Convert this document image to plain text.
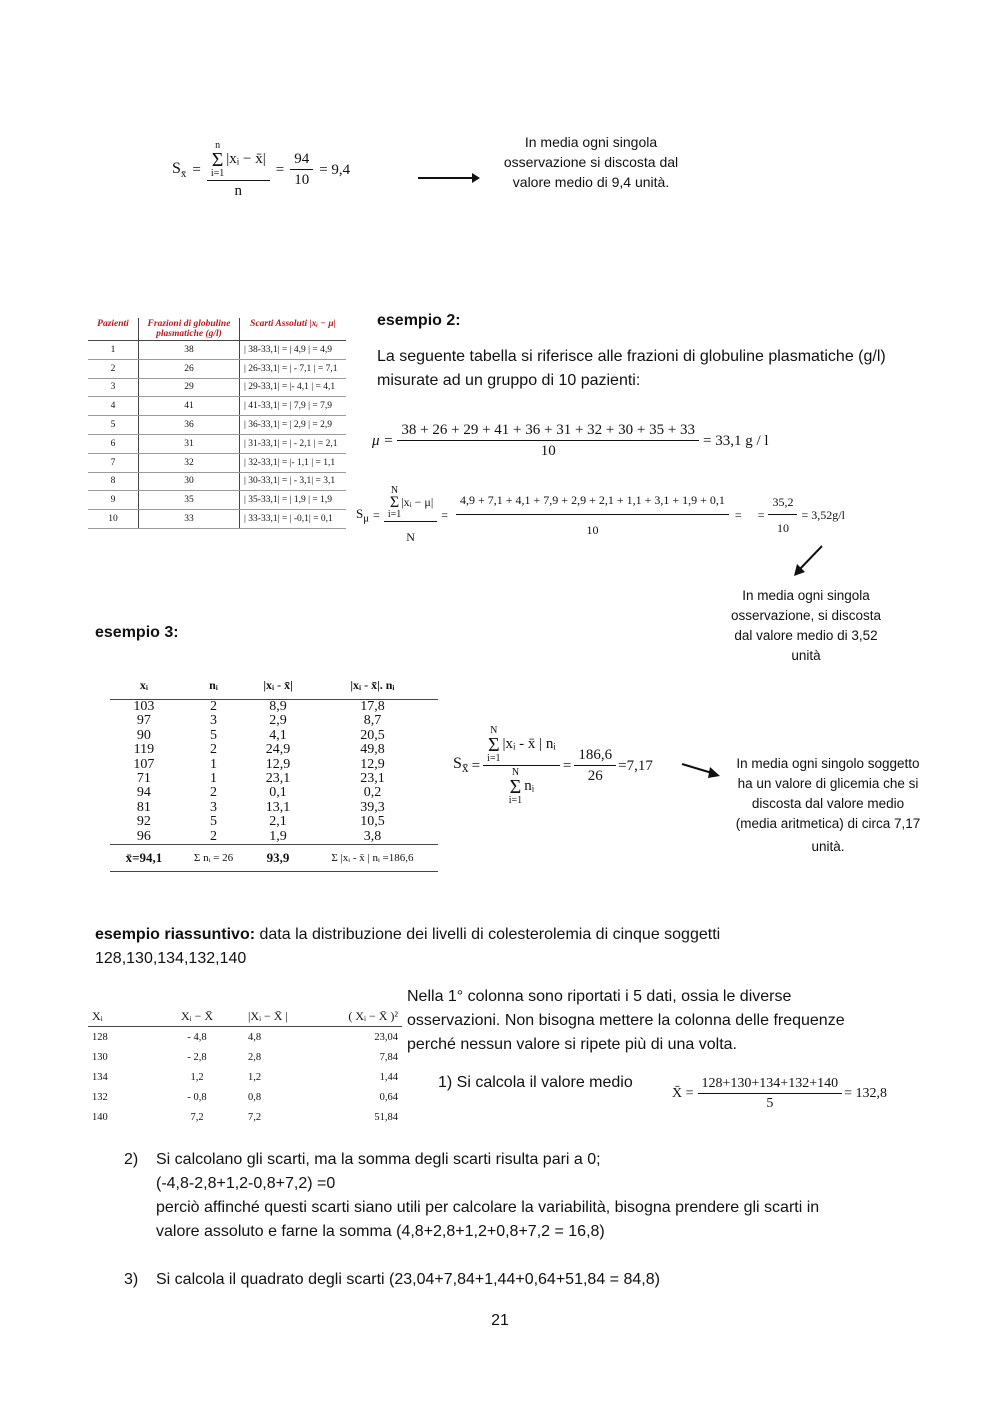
$S_{x̄} = n$
Σ
i=1
|xᵢ − x̄|
$n = \frac{94}{10} = 9,4$
In media ogni singola
osservazione si discosta dal
valore medio di 9,4 unità.
Pazienti	Frazioni di globuline plasmatiche (g/l)	Scarti Assoluti |xᵢ − μ|
1	38	| 38-33,1| = | 4,9 | = 4,9
2	26	| 26-33,1| = | - 7,1 | = 7,1
3	29	| 29-33,1| = |- 4,1 | = 4,1
4	41	| 41-33,1| = | 7,9 | = 7,9
5	36	| 36-33,1| = | 2,9 | = 2,9
6	31	| 31-33,1| = | - 2,1 | = 2,1
7	32	| 32-33,1| = |- 1,1 | = 1,1
8	30	| 30-33,1| = | - 3,1| = 3,1
9	35	| 35-33,1| = | 1,9 | = 1,9
10	33	| 33-33,1| = | -0,1| = 0,1
esempio 2:
La seguente tabella si riferisce alle frazioni di globuline plasmatiche (g/l) misurate ad un gruppo di 10 pazienti:
$\mu = \frac{38 + 26 + 29 + 41 + 36 + 31 + 32 + 30 + 35 + 33}{10} = 33,1$ g / l
$S_\mu = N$
Σ
i=1
|xᵢ − μ|
$N = \frac{4,9 + 7,1 + 4,1 + 7,9 + 2,9 + 2,1 + 1,1 + 3,1 + 1,9 + 0,1}{10}$ = = $\frac{35,2}{10} = 3,52g/l$
In media ogni singola
osservazione, si discosta
dal valore medio di 3,52
unità
esempio 3:
xᵢ	nᵢ	|xᵢ - x̄|	|xᵢ - x̄|. nᵢ
103	2	8,9	17,8
97	3	2,9	8,7
90	5	4,1	20,5
119	2	24,9	49,8
107	1	12,9	12,9
71	1	23,1	23,1
94	2	0,1	0,2
81	3	13,1	39,3
92	5	2,1	10,5
96	2	1,9	3,8
x̄=94,1	Σ nᵢ = 26	93,9	Σ |xᵢ - x̄ | nᵢ =186,6
$S_{x̄} = N$
Σ
i=1
|xᵢ - x̄ | nᵢ
N
Σ
i=1
nᵢ = $\frac{186,6}{26} =7,17$	In media ogni singolo soggetto
ha un valore di glicemia che si
discosta dal valore medio
(media aritmetica) di circa 7,17
unità.
esempio riassuntivo: data la distribuzione dei livelli di colesterolemia di cinque soggetti
128,130,134,132,140
Xᵢ	Xᵢ − X̄	|Xᵢ − X̄ |	( Xᵢ − X̄ )²
128	- 4,8	4,8	23,04
130	- 2,8	2,8	7,84
134	1,2	1,2	1,44
132	- 0,8	0,8	0,64
140	7,2	7,2	51,84
Nella 1° colonna sono riportati i 5 dati, ossia le diverse osservazioni. Non bisogna mettere la colonna delle frequenze perché nessun valore si ripete più di una volta.
1) Si calcola il valore medio
X̄ = $\frac{128+130+134+132+140}{5} = 132,8$
2) Si calcolano gli scarti, ma la somma degli scarti risulta pari a 0;
(-4,8-2,8+1,2-0,8+7,2) =0
perciò affinché questi scarti siano utili per calcolare la variabilità, bisogna prendere gli scarti in
valore assoluto e farne la somma (4,8+2,8+1,2+0,8+7,2 = 16,8)
3) Si calcola il quadrato degli scarti (23,04+7,84+1,44+0,64+51,84 = 84,8)
21
